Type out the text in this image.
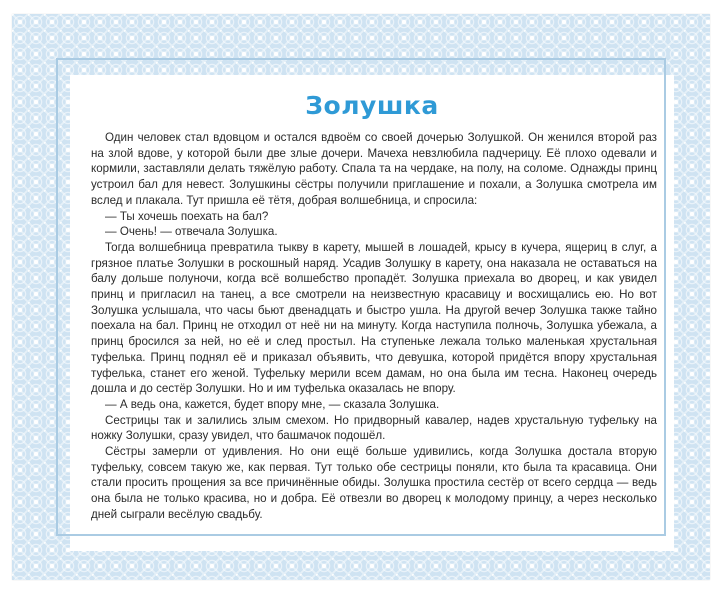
Золушка

Один человек стал вдовцом и остался вдвоём со своей дочерью Золушкой. Он женился второй раз на злой вдове, у которой были две злые дочери. Мачеха невзлюбила падчерицу. Её плохо одевали и кормили, заставляли делать тяжёлую работу. Спала та на чердаке, на полу, на соломе. Однажды принц устроил бал для невест. Золушкины сёстры получили приглашение и похали, а Золушка смотрела им вслед и плакала. Тут пришла её тётя, добрая волшебница, и спросила:

— Ты хочешь поехать на бал?

— Очень! — отвечала Золушка.

Тогда волшебница превратила тыкву в карету, мышей в лошадей, крысу в кучера, ящериц в слуг, а грязное платье Золушки в роскошный наряд. Усадив Золушку в карету, она наказала не оставаться на балу дольше полуночи, когда всё волшебство пропадёт. Золушка приехала во дворец, и как увидел принц и пригласил на танец, а все смотрели на неизвестную красавицу и восхищались ею. Но вот Золушка услышала, что часы бьют двенадцать и быстро ушла. На другой вечер Золушка также тайно поехала на бал. Принц не отходил от неё ни на минуту. Когда наступила полночь, Золушка убежала, а принц бросился за ней, но её и след простыл. На ступеньке лежала только маленькая хрустальная туфелька. Принц поднял её и приказал объявить, что девушка, которой придётся впору хрустальная туфелька, станет его женой. Туфельку мерили всем дамам, но она была им тесна. Наконец очередь дошла и до сестёр Золушки. Но и им туфелька оказалась не впору.

— А ведь она, кажется, будет впору мне, — сказала Золушка.

Сестрицы так и залились злым смехом. Но придворный кавалер, надев хрустальную туфельку на ножку Золушки, сразу увидел, что башмачок подошёл.

Сёстры замерли от удивления. Но они ещё больше удивились, когда Золушка достала вторую туфельку, совсем такую же, как первая. Тут только обе сестрицы поняли, кто была та красавица. Они стали просить прощения за все причинённые обиды. Золушка простила сестёр от всего сердца — ведь она была не только красива, но и добра. Её отвезли во дворец к молодому принцу, а через несколько дней сыграли весёлую свадьбу.
